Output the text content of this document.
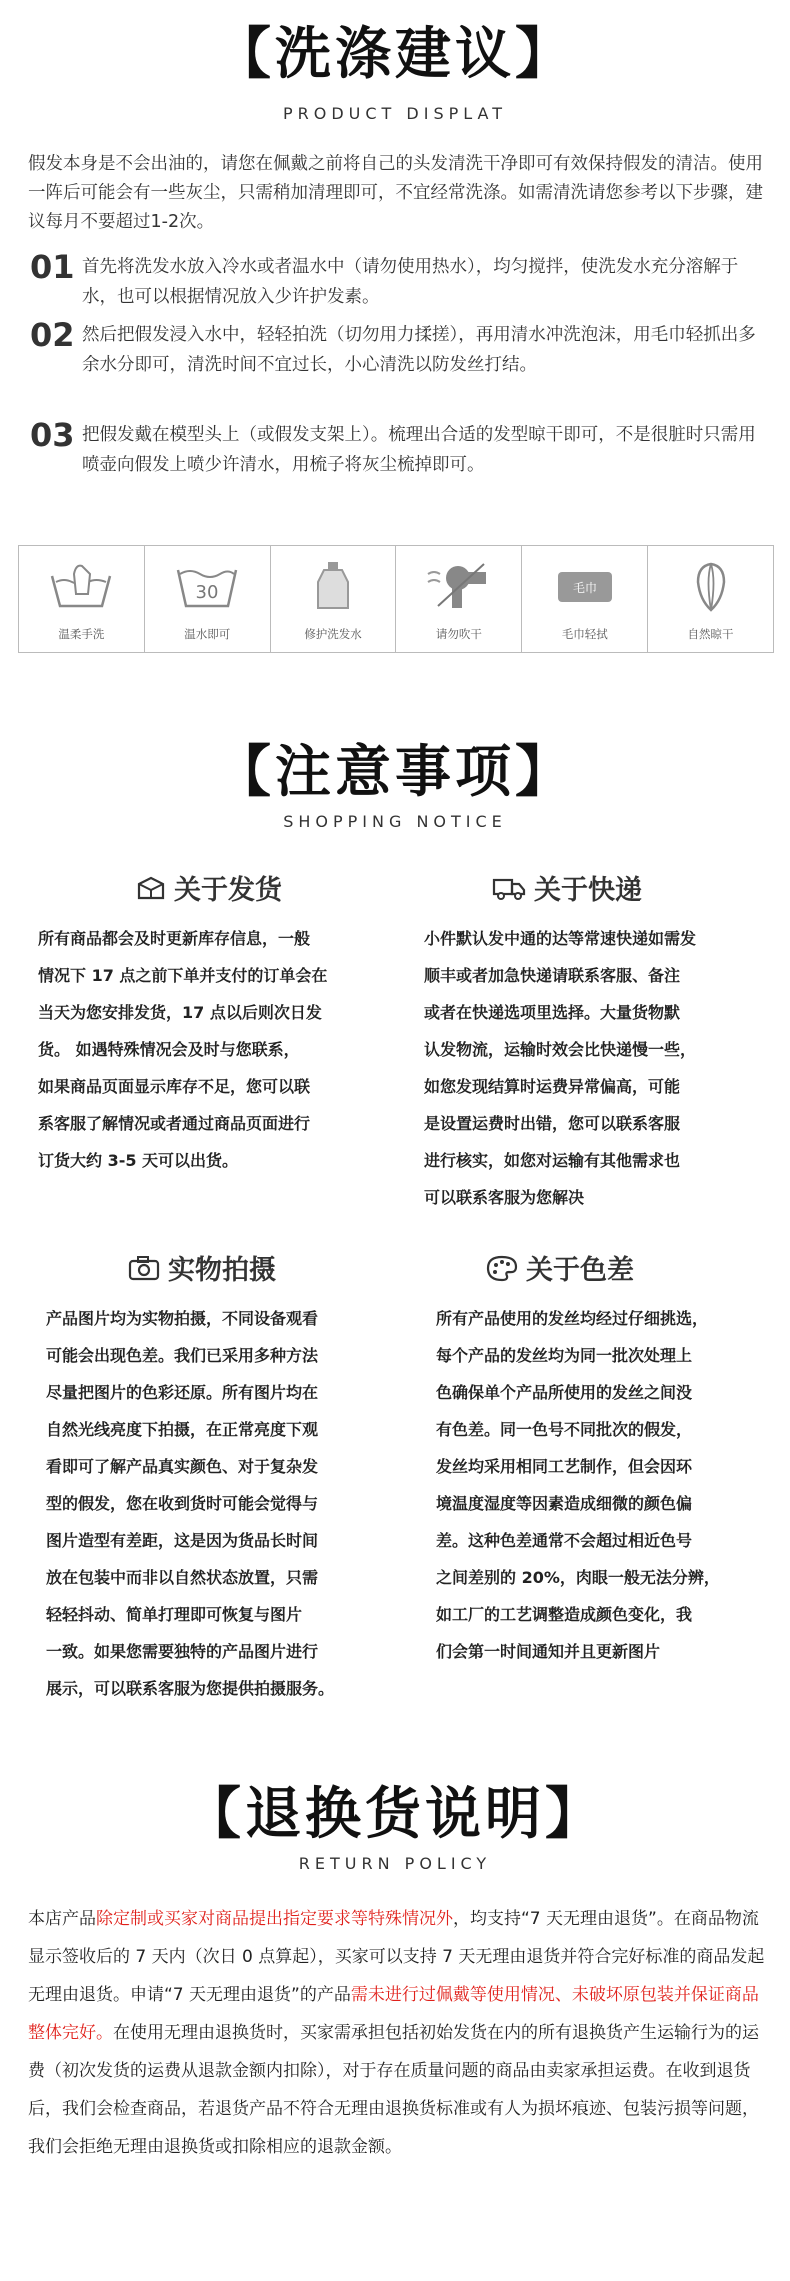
【洗涤建议】
PRODUCT DISPLAT
假发本身是不会出油的，请您在佩戴之前将自己的头发清洗干净即可有效保持假发的清洁。使用一阵后可能会有一些灰尘，只需稍加清理即可，不宜经常洗涤。如需清洗请您参考以下步骤，建议每月不要超过1-2次。
01 首先将洗发水放入冷水或者温水中（请勿使用热水），均匀搅拌，使洗发水充分溶解于水，也可以根据情况放入少许护发素。
02 然后把假发浸入水中，轻轻拍洗（切勿用力揉搓），再用清水冲洗泡沫，用毛巾轻抓出多余水分即可，清洗时间不宜过长，小心清洗以防发丝打结。
03 把假发戴在模型头上（或假发支架上）。梳理出合适的发型晾干即可，不是很脏时只需用喷壶向假发上喷少许清水，用梳子将灰尘梳掉即可。
温柔手洗
30
温水即可	修护洗发水	请勿吹干
毛巾
毛巾轻拭	自然晾干
【注意事项】
SHOPPING NOTICE
关于发货
所有商品都会及时更新库存信息，一般
情况下 17 点之前下单并支付的订单会在
当天为您安排发货，17 点以后则次日发
货。 如遇特殊情况会及时与您联系，
如果商品页面显示库存不足，您可以联
系客服了解情况或者通过商品页面进行
订货大约 3-5 天可以出货。
关于快递
小件默认发中通的达等常速快递如需发
顺丰或者加急快递请联系客服、备注
或者在快递选项里选择。大量货物默
认发物流，运输时效会比快递慢一些，
如您发现结算时运费异常偏高，可能
是设置运费时出错，您可以联系客服
进行核实，如您对运输有其他需求也
可以联系客服为您解决
实物拍摄
产品图片均为实物拍摄，不同设备观看
可能会出现色差。我们已采用多种方法
尽量把图片的色彩还原。所有图片均在
自然光线亮度下拍摄，在正常亮度下观
看即可了解产品真实颜色、对于复杂发
型的假发，您在收到货时可能会觉得与
图片造型有差距，这是因为货品长时间
放在包装中而非以自然状态放置，只需
轻轻抖动、简单打理即可恢复与图片
一致。如果您需要独特的产品图片进行
展示，可以联系客服为您提供拍摄服务。
关于色差
所有产品使用的发丝均经过仔细挑选，
每个产品的发丝均为同一批次处理上
色确保单个产品所使用的发丝之间没
有色差。同一色号不同批次的假发，
发丝均采用相同工艺制作，但会因环
境温度湿度等因素造成细微的颜色偏
差。这种色差通常不会超过相近色号
之间差别的 20%，肉眼一般无法分辨，
如工厂的工艺调整造成颜色变化，我
们会第一时间通知并且更新图片
【退换货说明】
RETURN POLICY
本店产品除定制或买家对商品提出指定要求等特殊情况外，均支持“7 天无理由退货”。在商品物流显示签收后的 7 天内（次日 0 点算起），买家可以支持 7 天无理由退货并符合完好标准的商品发起无理由退货。申请“7 天无理由退货”的产品需未进行过佩戴等使用情况、未破坏原包装并保证商品整体完好。在使用无理由退换货时，买家需承担包括初始发货在内的所有退换货产生运输行为的运费（初次发货的运费从退款金额内扣除），对于存在质量问题的商品由卖家承担运费。在收到退货后，我们会检查商品，若退货产品不符合无理由退换货标准或有人为损坏痕迹、包装污损等问题，我们会拒绝无理由退换货或扣除相应的退款金额。
